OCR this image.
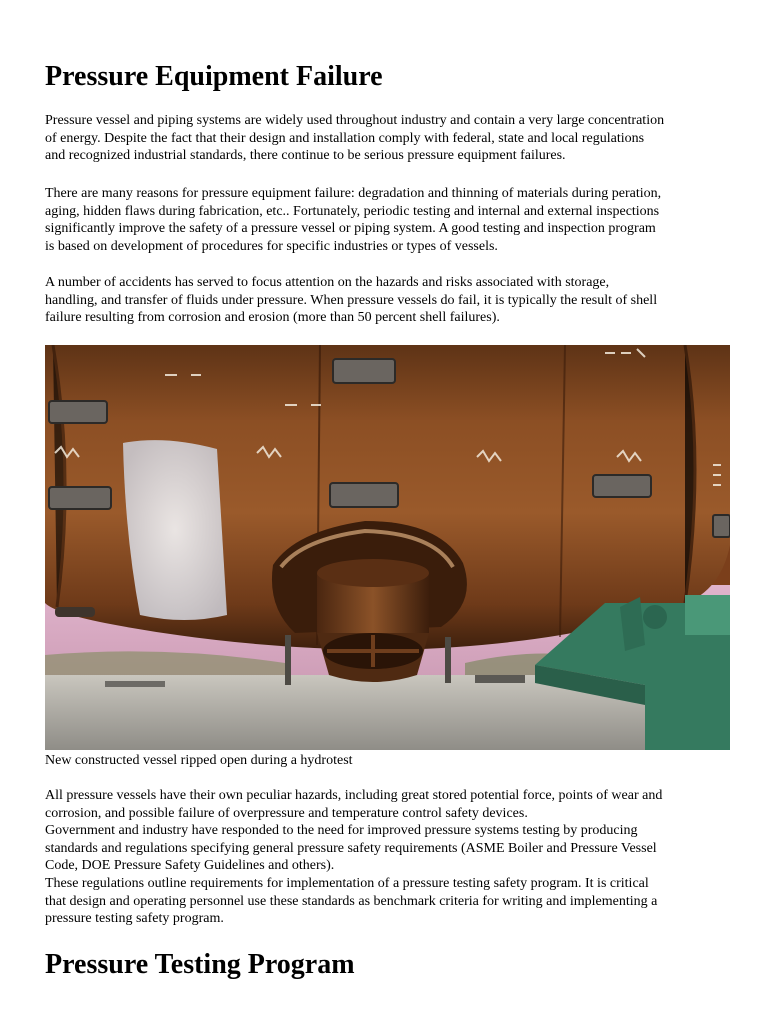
Pressure Equipment Failure

Pressure vessel and piping systems are widely used throughout industry and contain a very large concentration
of energy. Despite the fact that their design and installation comply with federal, state and local regulations
and recognized industrial standards, there continue to be serious pressure equipment failures.

There are many reasons for pressure equipment failure: degradation and thinning of materials during peration,
aging, hidden flaws during fabrication, etc.. Fortunately, periodic testing and internal and external inspections
significantly improve the safety of a pressure vessel or piping system. A good testing and inspection program
is based on development of procedures for specific industries or types of vessels.

A number of accidents has served to focus attention on the hazards and risks associated with storage,
handling, and transfer of fluids under pressure. When pressure vessels do fail, it is typically the result of shell
failure resulting from corrosion and erosion (more than 50 percent shell failures).

New constructed vessel ripped open during a hydrotest

All pressure vessels have their own peculiar hazards, including great stored potential force, points of wear and
corrosion, and possible failure of overpressure and temperature control safety devices.
Government and industry have responded to the need for improved pressure systems testing by producing
standards and regulations specifying general pressure safety requirements (ASME Boiler and Pressure Vessel
Code, DOE Pressure Safety Guidelines and others).
These regulations outline requirements for implementation of a pressure testing safety program. It is critical
that design and operating personnel use these standards as benchmark criteria for writing and implementing a
pressure testing safety program.

Pressure Testing Program
